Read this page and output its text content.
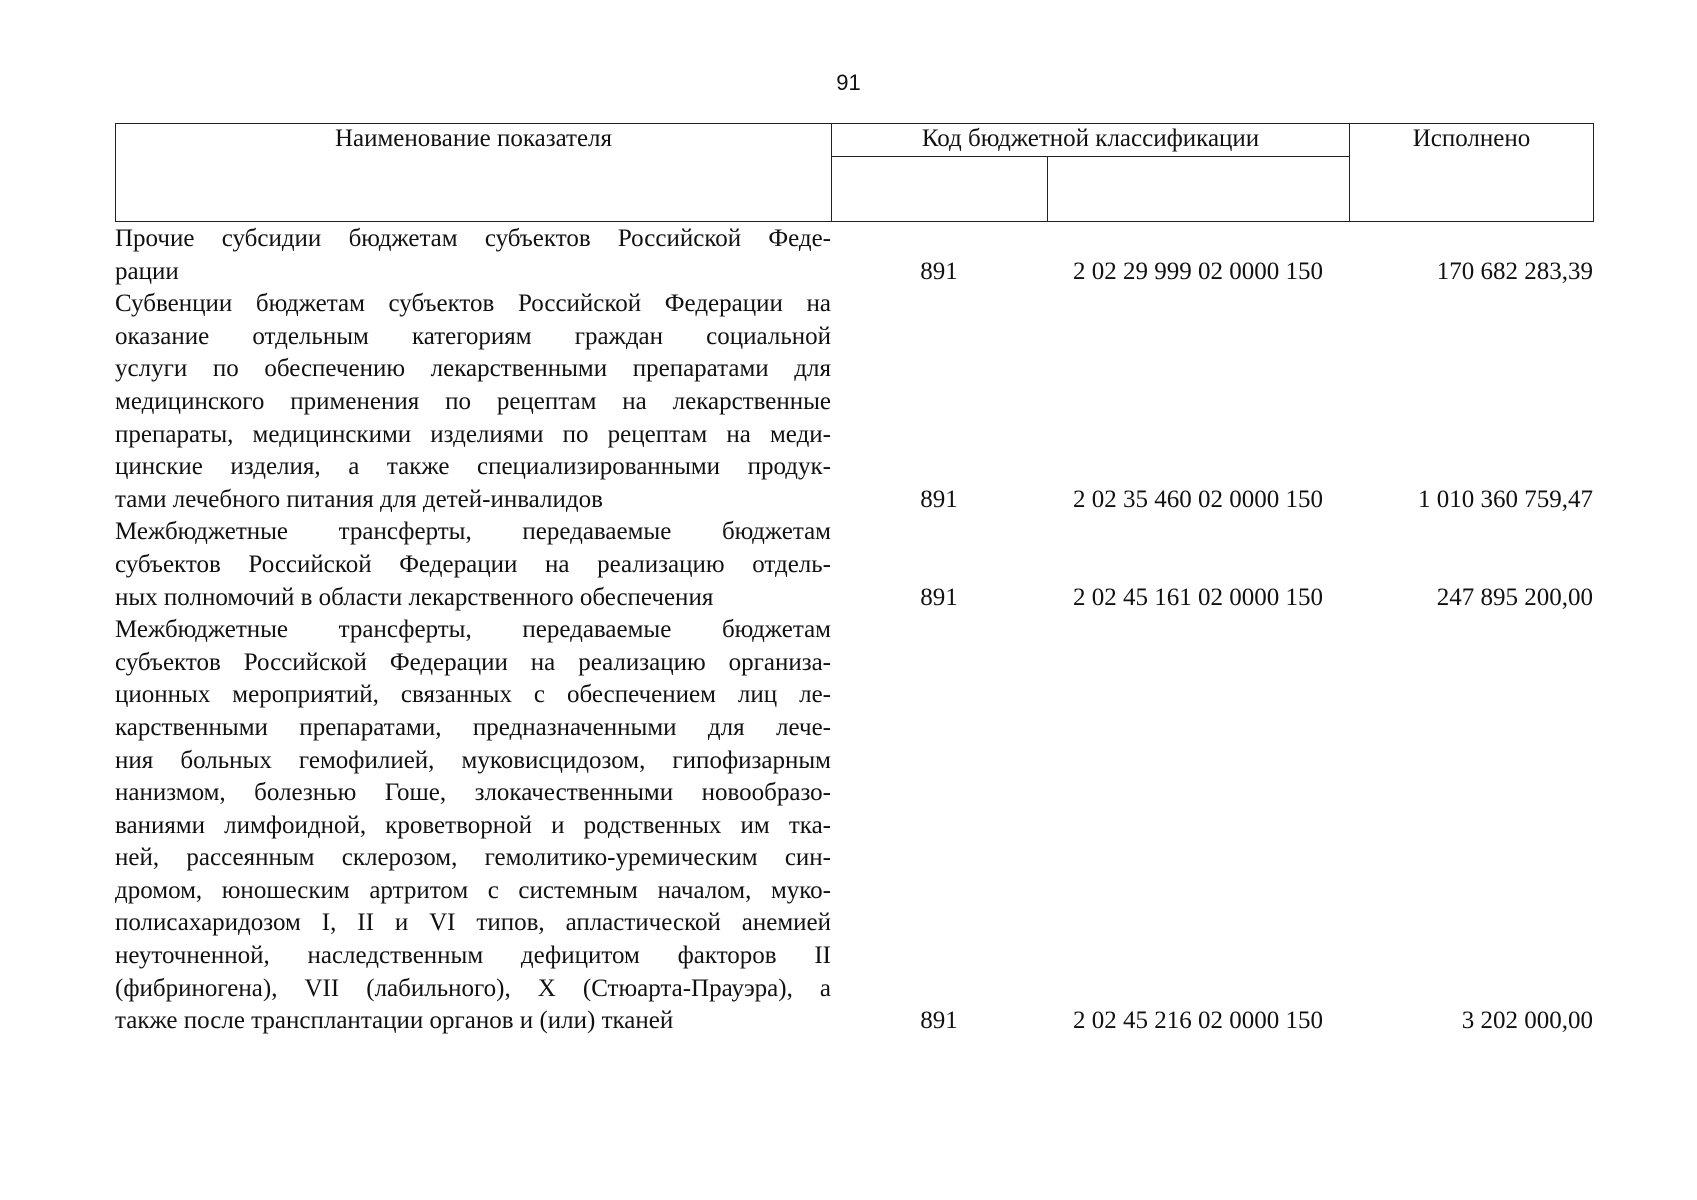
91
Наименование показателя	Код бюджетной классификации		Исполнено

Прочие субсидии бюджетам субъектов Российской Феде-
рации	891	2 02 29 999 02 0000 150	170 682 283,39
Субвенции бюджетам субъектов Российской Федерации на
оказание отдельным категориям граждан социальной
услуги по обеспечению лекарственными препаратами для
медицинского применения по рецептам на лекарственные
препараты, медицинскими изделиями по рецептам на меди-
цинские изделия, а также специализированными продук-
тами лечебного питания для детей-инвалидов	891	2 02 35 460 02 0000 150	1 010 360 759,47
Межбюджетные трансферты, передаваемые бюджетам
субъектов Российской Федерации на реализацию отдель-
ных полномочий в области лекарственного обеспечения	891	2 02 45 161 02 0000 150	247 895 200,00
Межбюджетные трансферты, передаваемые бюджетам
субъектов Российской Федерации на реализацию организа-
ционных мероприятий, связанных с обеспечением лиц ле-
карственными препаратами, предназначенными для лече-
ния больных гемофилией, муковисцидозом, гипофизарным
нанизмом, болезнью Гоше, злокачественными новообразо-
ваниями лимфоидной, кроветворной и родственных им тка-
ней, рассеянным склерозом, гемолитико-уремическим син-
дромом, юношеским артритом с системным началом, муко-
полисахаридозом I, II и VI типов, апластической анемией
неуточненной, наследственным дефицитом факторов II
(фибриногена), VII (лабильного), X (Стюарта-Прауэра), а
также после трансплантации органов и (или) тканей	891	2 02 45 216 02 0000 150	3 202 000,00
